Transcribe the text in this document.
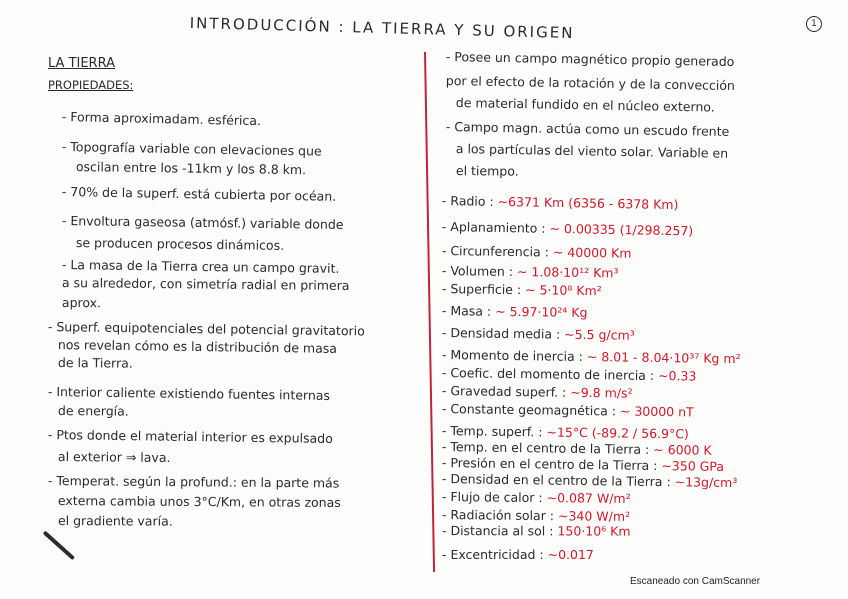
INTRODUCCIÓN : LA TIERRA Y SU ORIGEN	1
LA TIERRA
PROPIEDADES:
- Forma aproximadam. esférica.
- Topografía variable con elevaciones que
oscilan entre los -11km y los 8.8 km.
- 70% de la superf. está cubierta por océan.
- Envoltura gaseosa (atmósf.) variable donde
se producen procesos dinámicos.
- La masa de la Tierra crea un campo gravit.
a su alrededor, con simetría radial en primera
aprox.
- Superf. equipotenciales del potencial gravitatorio
nos revelan cómo es la distribución de masa
de la Tierra.
- Interior caliente existiendo fuentes internas
de energía.
- Ptos donde el material interior es expulsado
al exterior ⇒ lava.
- Temperat. según la profund.: en la parte más
externa cambia unos 3°C/Km, en otras zonas
el gradiente varía.
- Posee un campo magnético propio generado
por el efecto de la rotación y de la convección
de material fundido en el núcleo externo.
- Campo magn. actúa como un escudo frente
a los partículas del viento solar. Variable en
el tiempo.
- Radio : ~6371 Km (6356 - 6378 Km)
- Aplanamiento : ~ 0.00335 (1/298.257)
- Circunferencia : ~ 40000 Km
- Volumen : ~ 1.08·10¹² Km³
- Superficie : ~ 5·10⁸ Km²
- Masa : ~ 5.97·10²⁴ Kg
- Densidad media : ~5.5 g/cm³
- Momento de inercia : ~ 8.01 - 8.04·10³⁷ Kg m²
- Coefic. del momento de inercia : ~0.33
- Gravedad superf. : ~9.8 m/s²
- Constante geomagnética : ~ 30000 nT
- Temp. superf. : ~15°C (-89.2 / 56.9°C)
- Temp. en el centro de la Tierra : ~ 6000 K
- Presión en el centro de la Tierra : ~350 GPa
- Densidad en el centro de la Tierra : ~13g/cm³
- Flujo de calor : ~0.087 W/m²
- Radiación solar : ~340 W/m²
- Distancia al sol : 150·10⁶ Km
- Excentricidad : ~0.017
Escaneado con CamScanner
